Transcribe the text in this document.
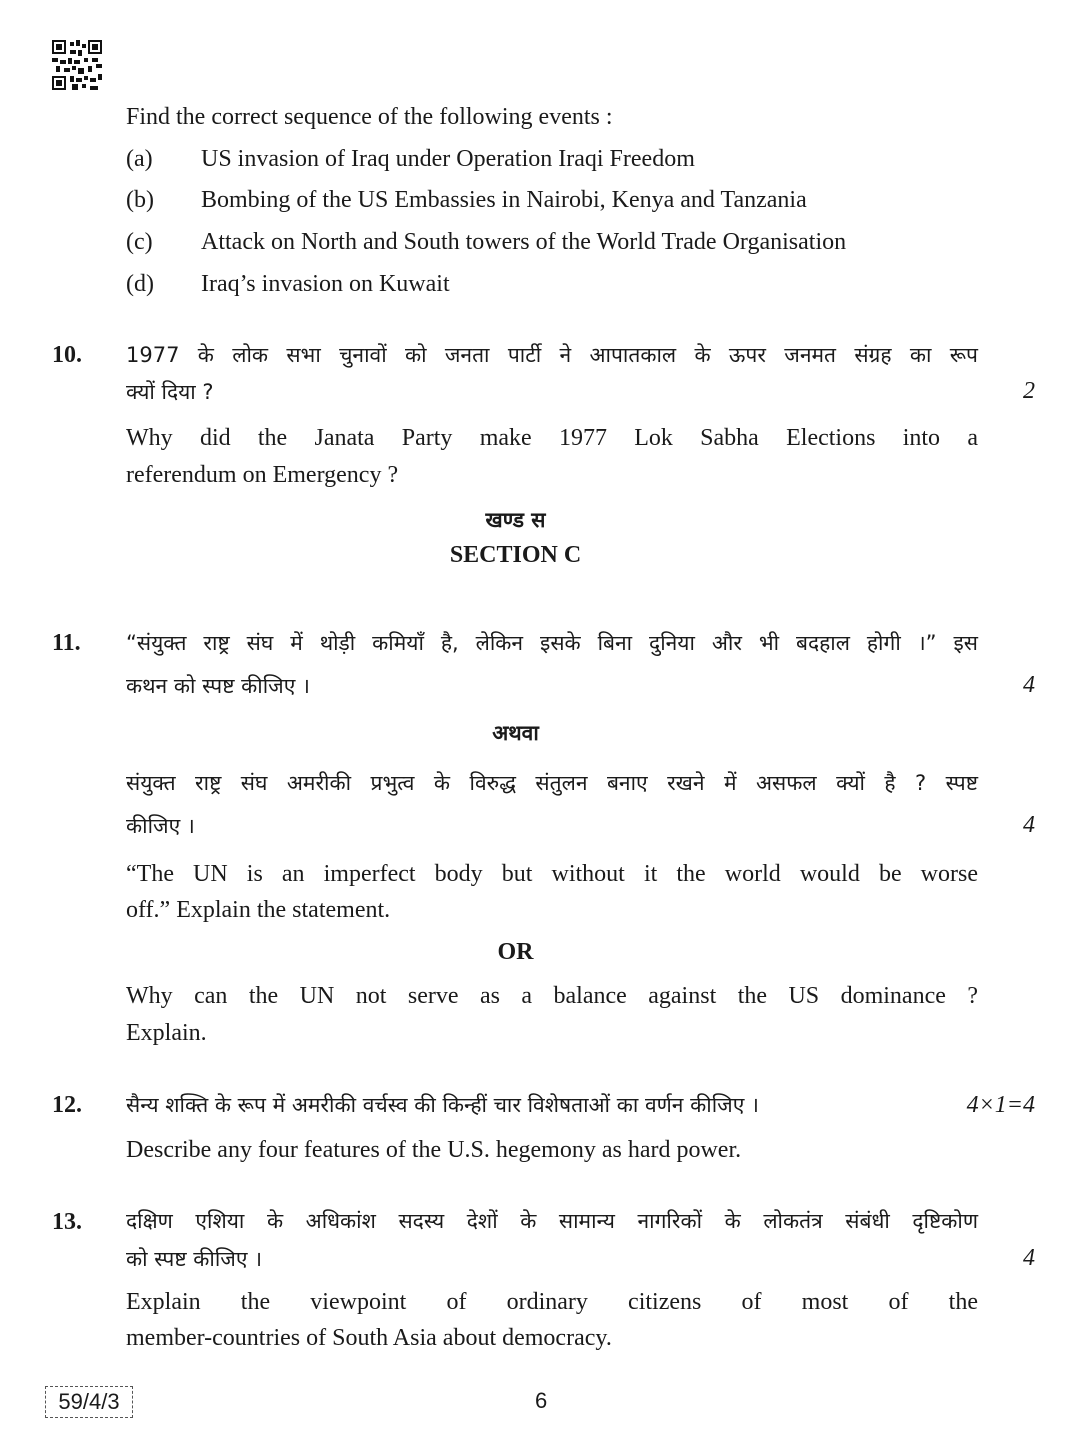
Find the correct sequence of the following events :
(a) US invasion of Iraq under Operation Iraqi Freedom
(b) Bombing of the US Embassies in Nairobi, Kenya and Tanzania
(c) Attack on North and South towers of the World Trade Organisation
(d) Iraq’s invasion on Kuwait
10. 1977 के लोक सभा चुनावों को जनता पार्टी ने आपातकाल के ऊपर जनमत संग्रह का रूप
क्यों दिया ?	2
Why did the Janata Party make 1977 Lok Sabha Elections into a
referendum on Emergency ?
खण्ड स
SECTION C
11. “संयुक्त राष्ट्र संघ में थोड़ी कमियाँ है, लेकिन इसके बिना दुनिया और भी बदहाल होगी ।” इस
कथन को स्पष्ट कीजिए ।	4
अथवा
संयुक्त राष्ट्र संघ अमरीकी प्रभुत्व के विरुद्ध संतुलन बनाए रखने में असफल क्यों है ? स्पष्ट
कीजिए ।	4
“The UN is an imperfect body but without it the world would be worse
off.” Explain the statement.
OR
Why can the UN not serve as a balance against the US dominance ?
Explain.
12. सैन्य शक्ति के रूप में अमरीकी वर्चस्व की किन्हीं चार विशेषताओं का वर्णन कीजिए ।	4×1=4
Describe any four features of the U.S. hegemony as hard power.
13. दक्षिण एशिया के अधिकांश सदस्य देशों के सामान्य नागरिकों के लोकतंत्र संबंधी दृष्टिकोण
को स्पष्ट कीजिए ।	4
Explain the viewpoint of ordinary citizens of most of the
member-countries of South Asia about democracy.
59/4/3	6
